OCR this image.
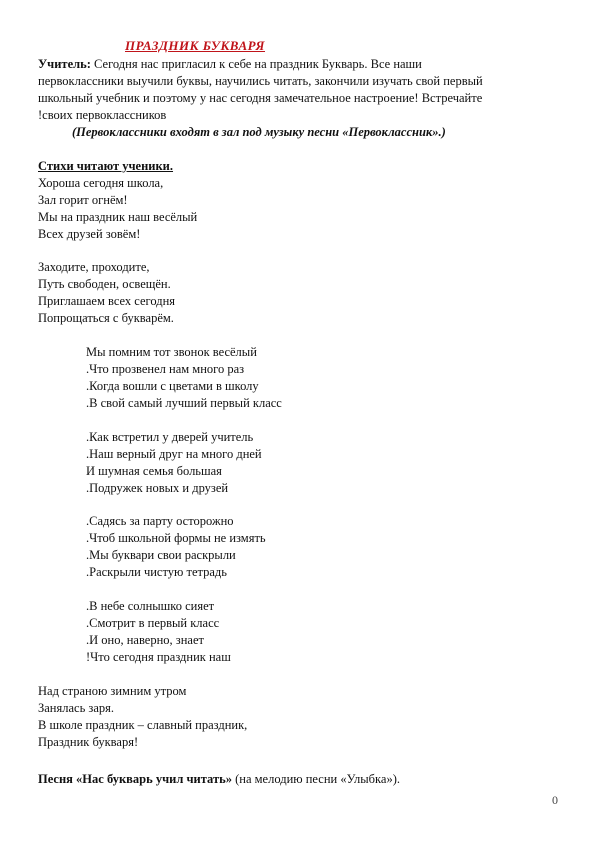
ПРАЗДНИК БУКВАРЯ
Учитель: Сегодня нас пригласил к себе на праздник Букварь. Все наши
первоклассники выучили буквы, научились читать, закончили изучать свой первый
школьный учебник и поэтому у нас сегодня замечательное настроение! Встречайте
!своих первоклассников
(Первоклассники входят в зал под музыку песни «Первоклассник».)
Стихи читают ученики.
Хороша сегодня школа,
Зал горит огнём!
Мы на праздник наш весёлый
Всех друзей зовём!
Заходите, проходите,
Путь свободен, освещён.
Приглашаем всех сегодня
Попрощаться с букварём.
Мы помним тот звонок весёлый
.Что прозвенел нам много раз
.Когда вошли с цветами в школу
.В свой самый лучший первый класс
.Как встретил у дверей учитель
.Наш верный друг на много дней
И шумная семья большая
.Подружек новых и друзей
.Садясь за парту осторожно
.Чтоб школьной формы не измять
.Мы буквари свои раскрыли
.Раскрыли чистую тетрадь
.В небе солнышко сияет
.Смотрит в первый класс
.И оно, наверно, знает
!Что сегодня праздник наш
Над страною зимним утром
Занялась заря.
В школе праздник – славный праздник,
Праздник букваря!
Песня «Нас букварь учил читать» (на мелодию песни «Улыбка»).
0
